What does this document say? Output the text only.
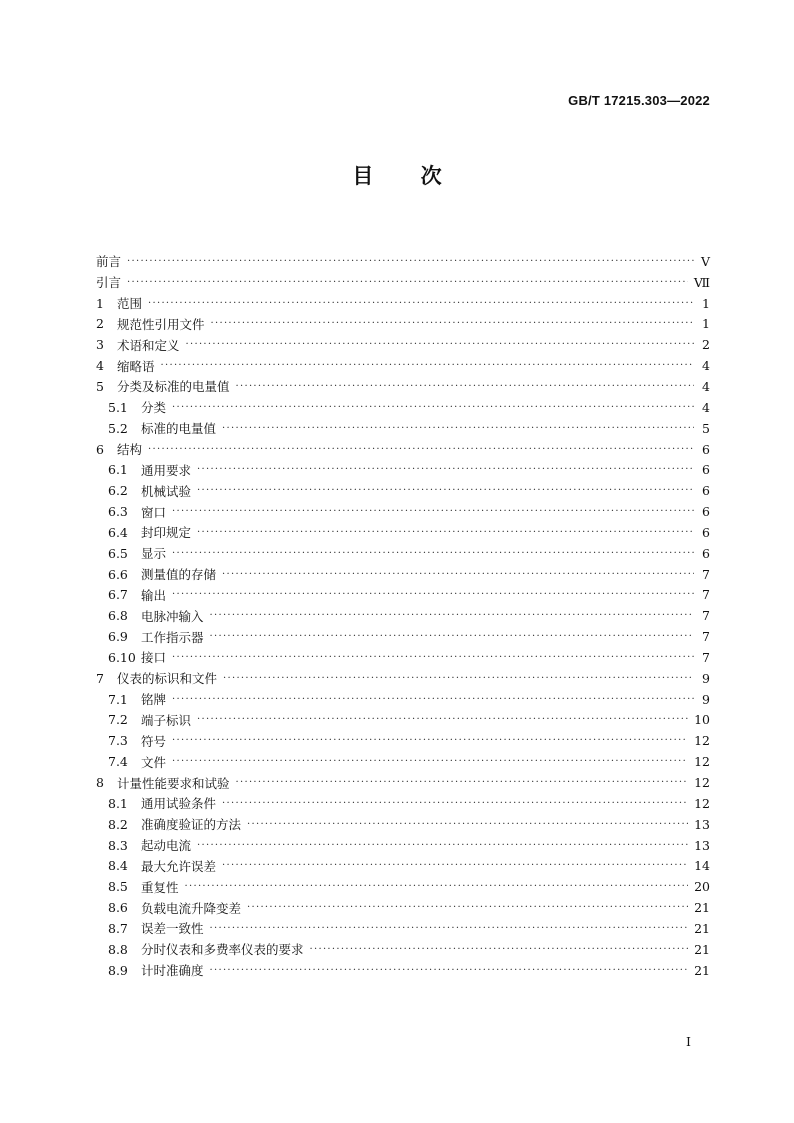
GB/T 17215.303—2022
目 次
前言 ·····	Ⅴ
引言 ·····	Ⅶ
1	范围 ·····	1
2	规范性引用文件 ·····	1
3	术语和定义 ·····	2
4	缩略语 ·····	4
5	分类及标准的电量值 ·····	4
5.1	分类 ·····	4
5.2	标准的电量值 ·····	5
6	结构 ·····	6
6.1	通用要求 ·····	6
6.2	机械试验 ·····	6
6.3	窗口 ·····	6
6.4	封印规定 ·····	6
6.5	显示 ·····	6
6.6	测量值的存储 ·····	7
6.7	输出 ·····	7
6.8	电脉冲输入 ·····	7
6.9	工作指示器 ·····	7
6.10 接口 ·····	7
7	仪表的标识和文件 ·····	9
7.1	铭牌 ·····	9
7.2	端子标识 ·····	10
7.3	符号 ·····	12
7.4	文件 ·····	12
8	计量性能要求和试验 ·····	12
8.1	通用试验条件 ·····	12
8.2	准确度验证的方法 ·····	13
8.3	起动电流 ·····	13
8.4	最大允许误差 ·····	14
8.5	重复性 ·····	20
8.6	负载电流升降变差 ·····	21
8.7	误差一致性 ·····	21
8.8	分时仪表和多费率仪表的要求 ·····	21
8.9	计时准确度 ·····	21
I
